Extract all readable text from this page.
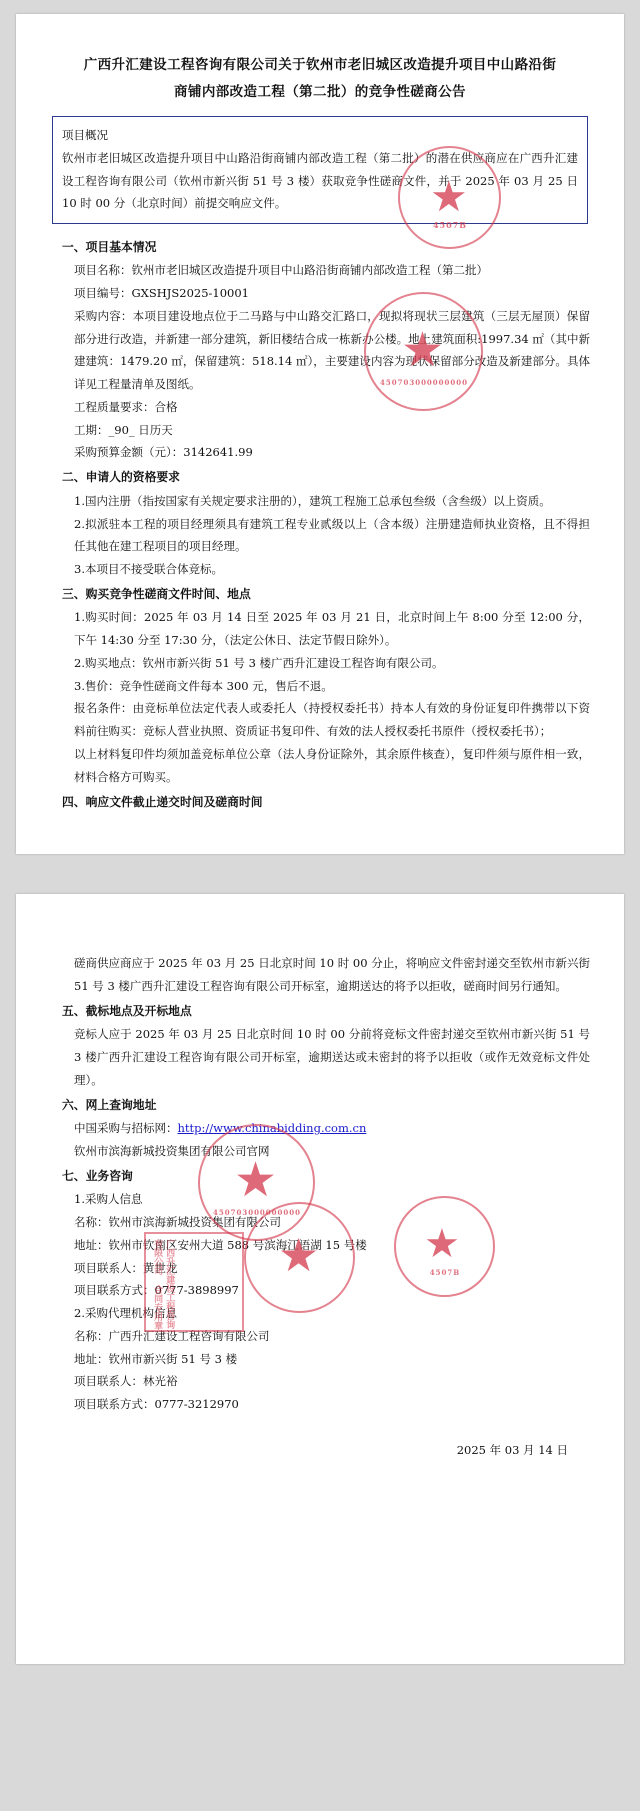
广西升汇建设工程咨询有限公司关于钦州市老旧城区改造提升项目中山路沿街
商铺内部改造工程（第二批）的竞争性磋商公告
项目概况

钦州市老旧城区改造提升项目中山路沿街商铺内部改造工程（第二批）的潜在供应商应在广西升汇建设工程咨询有限公司（钦州市新兴街 51 号 3 楼）获取竞争性磋商文件，并于 2025 年 03 月 25 日 10 时 00 分（北京时间）前提交响应文件。

一、项目基本情况

项目名称：钦州市老旧城区改造提升项目中山路沿街商铺内部改造工程（第二批）

项目编号：GXSHJS2025-10001

采购内容：本项目建设地点位于二马路与中山路交汇路口，现拟将现状三层建筑（三层无屋顶）保留部分进行改造，并新建一部分建筑，新旧楼结合成一栋新办公楼。地上建筑面积:1997.34 ㎡（其中新建建筑：1479.20 ㎡，保留建筑：518.14 ㎡），主要建设内容为现状保留部分改造及新建部分。具体详见工程量清单及图纸。

工程质量要求：合格

工期：_90_ 日历天

采购预算金额（元）：3142641.99

二、申请人的资格要求

1.国内注册（指按国家有关规定要求注册的），建筑工程施工总承包叁级（含叁级）以上资质。

2.拟派驻本工程的项目经理须具有建筑工程专业贰级以上（含本级）注册建造师执业资格，且不得担任其他在建工程项目的项目经理。

3.本项目不接受联合体竞标。

三、购买竞争性磋商文件时间、地点

1.购买时间：2025 年 03 月 14 日至 2025 年 03 月 21 日，北京时间上午 8:00 分至 12:00 分，下午 14:30 分至 17:30 分，（法定公休日、法定节假日除外）。

2.购买地点：钦州市新兴街 51 号 3 楼广西升汇建设工程咨询有限公司。

3.售价：竞争性磋商文件每本 300 元，售后不退。

报名条件：由竞标单位法定代表人或委托人（持授权委托书）持本人有效的身份证复印件携带以下资料前往购买：竞标人营业执照、资质证书复印件、有效的法人授权委托书原件（授权委托书）；

以上材料复印件均须加盖竞标单位公章（法人身份证除外，其余原件核查），复印件须与原件相一致，材料合格方可购买。

四、响应文件截止递交时间及磋商时间
★
4507B
★
450703000000000

磋商供应商应于 2025 年 03 月 25 日北京时间 10 时 00 分止，将响应文件密封递交至钦州市新兴街 51 号 3 楼广西升汇建设工程咨询有限公司开标室，逾期送达的将予以拒收，磋商时间另行通知。

五、截标地点及开标地点

竞标人应于 2025 年 03 月 25 日北京时间 10 时 00 分前将竞标文件密封递交至钦州市新兴街 51 号 3 楼广西升汇建设工程咨询有限公司开标室，逾期送达或未密封的将予以拒收（或作无效竞标文件处理）。

六、网上查询地址

中国采购与招标网：http://www.chinabidding.com.cn

钦州市滨海新城投资集团有限公司官网

七、业务咨询

1.采购人信息

名称：钦州市滨海新城投资集团有限公司

地址：钦州市钦南区安州大道 588 号滨海江语湖 15 号楼

项目联系人：黄世龙

项目联系方式：0777-3898997

2.采购代理机构信息

名称：广西升汇建设工程咨询有限公司

地址：钦州市新兴街 51 号 3 楼

项目联系人：林光裕

项目联系方式：0777-3212970

2025 年 03 月 14 日
★
450703000000000
广西升汇建设工程咨询有限公司 合同专用章	★	★
4507B
